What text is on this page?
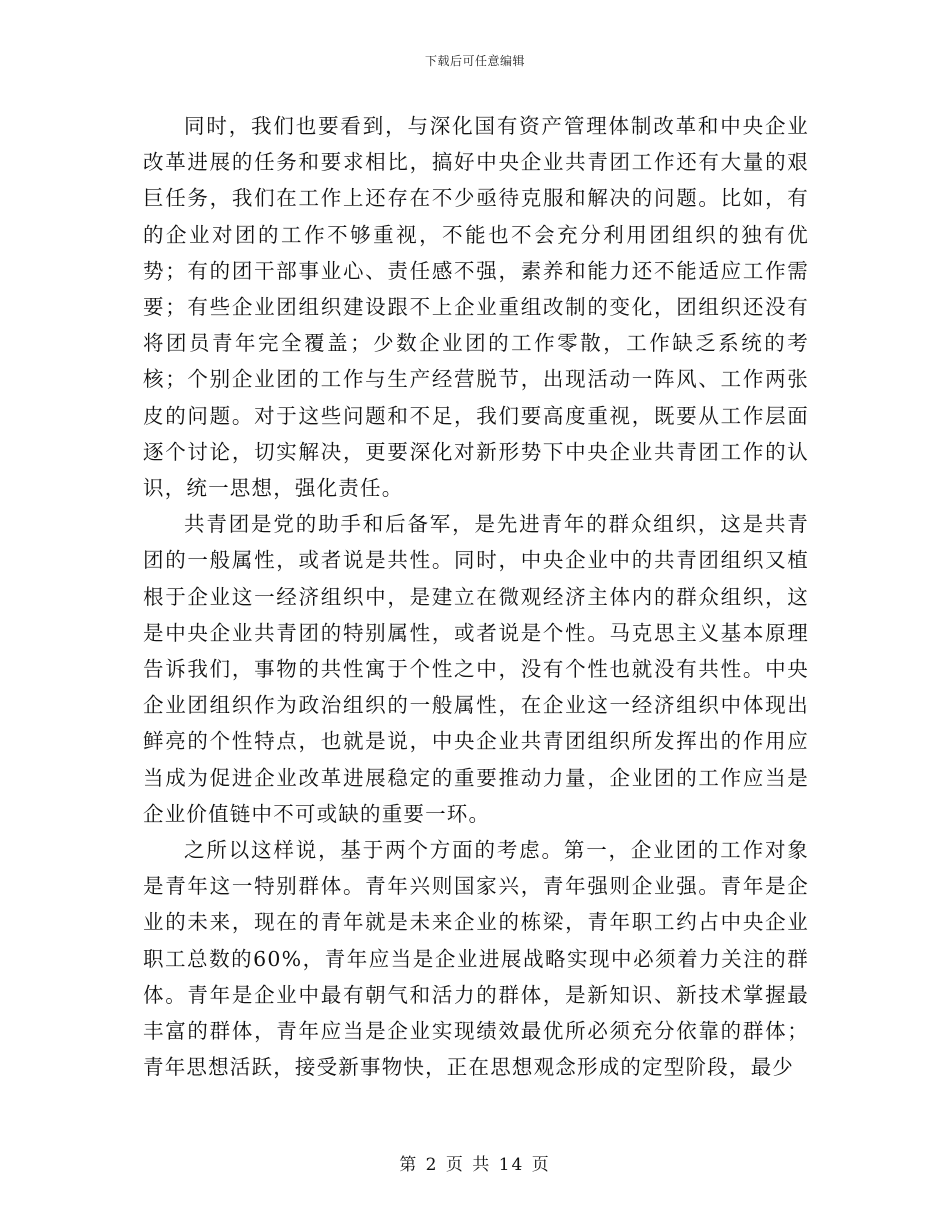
下载后可任意编辑

同时，我们也要看到，与深化国有资产管理体制改革和中央企业改革进展的任务和要求相比，搞好中央企业共青团工作还有大量的艰巨任务，我们在工作上还存在不少亟待克服和解决的问题。比如，有的企业对团的工作不够重视，不能也不会充分利用团组织的独有优势；有的团干部事业心、责任感不强，素养和能力还不能适应工作需要；有些企业团组织建设跟不上企业重组改制的变化，团组织还没有将团员青年完全覆盖；少数企业团的工作零散，工作缺乏系统的考核；个别企业团的工作与生产经营脱节，出现活动一阵风、工作两张皮的问题。对于这些问题和不足，我们要高度重视，既要从工作层面逐个讨论，切实解决，更要深化对新形势下中央企业共青团工作的认识，统一思想，强化责任。

共青团是党的助手和后备军，是先进青年的群众组织，这是共青团的一般属性，或者说是共性。同时，中央企业中的共青团组织又植根于企业这一经济组织中，是建立在微观经济主体内的群众组织，这是中央企业共青团的特别属性，或者说是个性。马克思主义基本原理告诉我们，事物的共性寓于个性之中，没有个性也就没有共性。中央企业团组织作为政治组织的一般属性，在企业这一经济组织中体现出鲜亮的个性特点，也就是说，中央企业共青团组织所发挥出的作用应当成为促进企业改革进展稳定的重要推动力量，企业团的工作应当是企业价值链中不可或缺的重要一环。

之所以这样说，基于两个方面的考虑。第一，企业团的工作对象是青年这一特别群体。青年兴则国家兴，青年强则企业强。青年是企业的未来，现在的青年就是未来企业的栋梁，青年职工约占中央企业职工总数的60%，青年应当是企业进展战略实现中必须着力关注的群体。青年是企业中最有朝气和活力的群体，是新知识、新技术掌握最丰富的群体，青年应当是企业实现绩效最优所必须充分依靠的群体；青年思想活跃，接受新事物快，正在思想观念形成的定型阶段，最少

第 2 页 共 14 页
